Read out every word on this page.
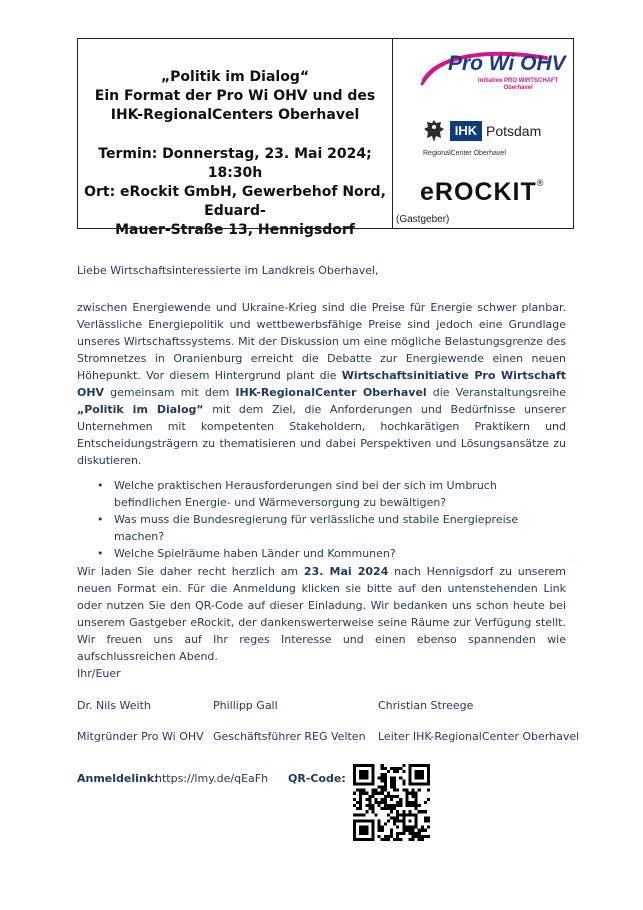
„Politik im Dialog“
Ein Format der Pro Wi OHV und des
IHK-RegionalCenters Oberhavel
Termin: Donnerstag, 23. Mai 2024; 18:30h
Ort: eRockit GmbH, Gewerbehof Nord, Eduard-
Mauer-Straße 13, Hennigsdorf
Pro Wi OHV
Initiative PRO WIRTSCHAFT
Oberhavel
IHK Potsdam
RegionalCenter Oberhavel
eROCKIT®
(Gastgeber)
Liebe Wirtschaftsinteressierte im Landkreis Oberhavel,
zwischen Energiewende und Ukraine-Krieg sind die Preise für Energie schwer planbar. Verlässliche Energiepolitik und wettbewerbsfähige Preise sind jedoch eine Grundlage unseres Wirtschaftssystems. Mit der Diskussion um eine mögliche Belastungsgrenze des Stromnetzes in Oranienburg erreicht die Debatte zur Energiewende einen neuen Höhepunkt. Vor diesem Hintergrund plant die Wirtschaftsinitiative Pro Wirtschaft OHV gemeinsam mit dem IHK-RegionalCenter Oberhavel die Veranstaltungsreihe „Politik im Dialog“ mit dem Ziel, die Anforderungen und Bedürfnisse unserer Unternehmen mit kompetenten Stakeholdern, hochkarätigen Praktikern und Entscheidungsträgern zu thematisieren und dabei Perspektiven und Lösungsansätze zu diskutieren.
• Welche praktischen Herausforderungen sind bei der sich im Umbruch befindlichen Energie- und Wärmeversorgung zu bewältigen?
• Was muss die Bundesregierung für verlässliche und stabile Energiepreise machen?
• Welche Spielräume haben Länder und Kommunen?
Wir laden Sie daher recht herzlich am 23. Mai 2024 nach Hennigsdorf zu unserem neuen Format ein. Für die Anmeldung klicken sie bitte auf den untenstehenden Link oder nutzen Sie den QR-Code auf dieser Einladung. Wir bedanken uns schon heute bei unserem Gastgeber eRockit, der dankenswerterweise seine Räume zur Verfügung stellt. Wir freuen uns auf Ihr reges Interesse und einen ebenso spannenden wie aufschlussreichen Abend.
Ihr/Euer
Dr. Nils Weith	Phillipp Gall	Christian Streege
Mitgründer Pro Wi OHV Geschäftsführer REG Velten Leiter IHK-RegionalCenter Oberhavel
Anmeldelink:
https://lmy.de/qEaFh QR-Code:
